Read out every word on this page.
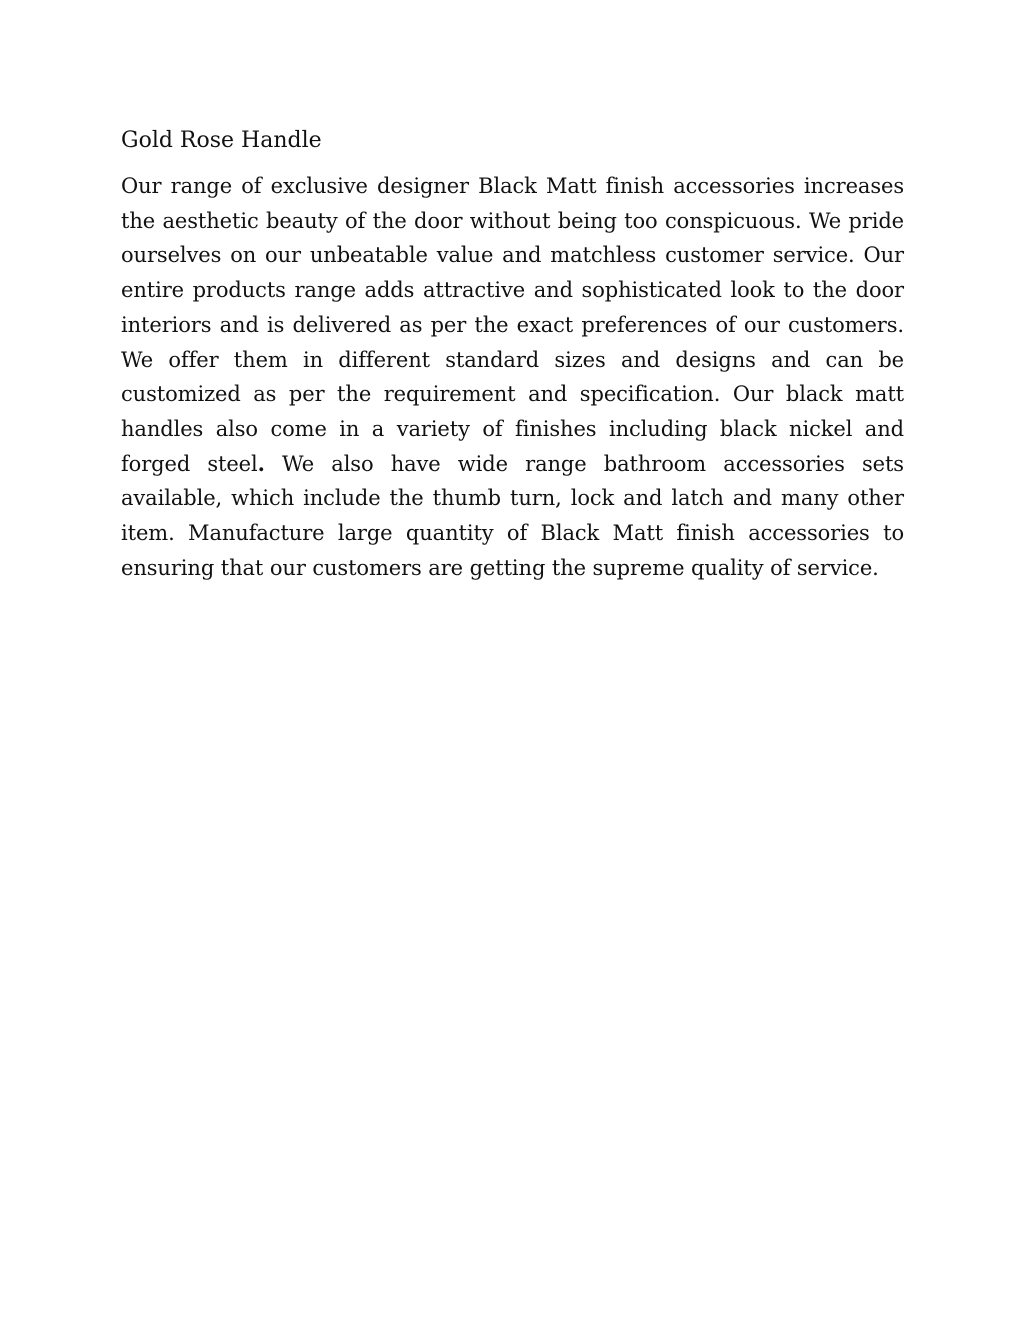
Gold Rose Handle

Our range of exclusive designer Black Matt finish accessories increases the aesthetic beauty of the door without being too conspicuous. We pride ourselves on our unbeatable value and matchless customer service. Our entire products range adds attractive and sophisticated look to the door interiors and is delivered as per the exact preferences of our customers. We offer them in different standard sizes and designs and can be customized as per the requirement and specification. Our black matt handles also come in a variety of finishes including black nickel and forged steel. We also have wide range bathroom accessories sets available, which include the thumb turn, lock and latch and many other item. Manufacture large quantity of Black Matt finish accessories to ensuring that our customers are getting the supreme quality of service.
